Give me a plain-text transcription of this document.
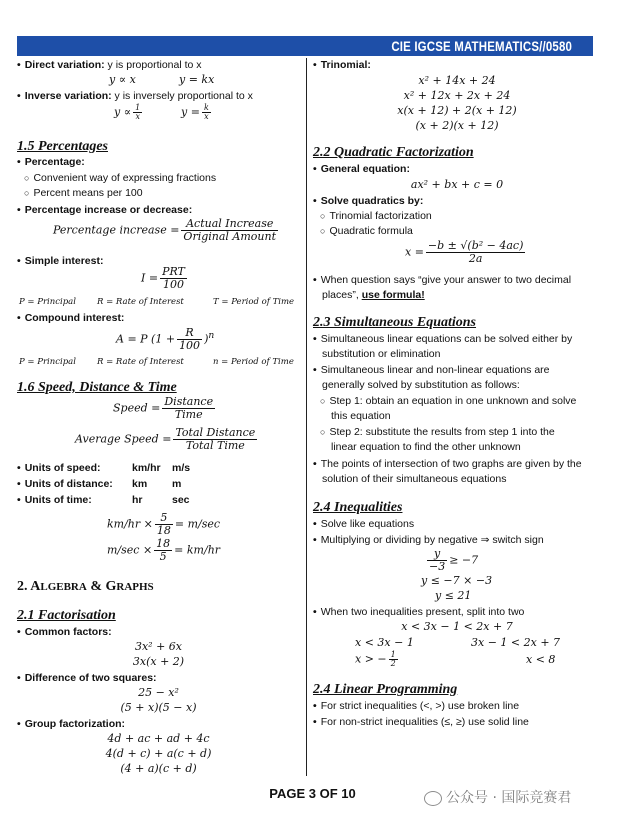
CIE IGCSE MATHEMATICS//0580
• Direct variation: y is proportional to x
y ∝ x	y = kx
• Inverse variation: y is inversely proportional to x
$y \propto \frac{1}{x}$	$y = \frac{k}{x}$
1.5 Percentages
• Percentage:
○ Convenient way of expressing fractions
○ Percent means per 100
• Percentage increase or decrease:
Percentage increase = Actual Increase
Original Amount
• Simple interest:
I = PRT
100
P = Principal R = Rate of Interest	T = Period of Time
• Compound interest:
A = P $(1 + \frac{R}{100} )^n$
P = Principal R = Rate of Interest	n = Period of Time
1.6 Speed, Distance & Time
Speed = Distance
Time
Average Speed = Total Distance
Total Time
• Units of speed:	km/hr	m/s
• Units of distance:	km	m
• Units of time:	hr	sec
$km/hr \times \frac{5}{18} = m/\sec$
$m/\sec \times \frac{18}{5} = km/hr$
2. ALGEBRA & GRAPHS
2.1 Factorisation
• Common factors:
3x² + 6x
3x(x + 2)
• Difference of two squares:
25 − x²
(5 + x)(5 − x)
• Group factorization:
4d + ac + ad + 4c
4(d + c) + a(c + d)
(4 + a)(c + d)
• Trinomial:
x² + 14x + 24
x² + 12x + 2x + 24
x(x + 12) + 2(x + 12)
(x + 2)(x + 12)
2.2 Quadratic Factorization
• General equation:
ax² + bx + c = 0
• Solve quadratics by:
○ Trinomial factorization
○ Quadratic formula
$x = \frac{\text{−b ± √(b² − 4ac)}}{2a}$
• When question says “give your answer to two decimal
places”, use formula!
2.3 Simultaneous Equations
• Simultaneous linear equations can be solved either by
substitution or elimination
• Simultaneous linear and non-linear equations are
generally solved by substitution as follows:
○ Step 1: obtain an equation in one unknown and solve
this equation
○ Step 2: substitute the results from step 1 into the
linear equation to find the other unknown
• The points of intersection of two graphs are given by the
solution of their simultaneous equations
2.4 Inequalities
• Solve like equations
• Multiplying or dividing by negative ⇒ switch sign
$\frac{y}{-3} \ge -7$
y ≤ −7 × −3
y ≤ 21
• When two inequalities present, split into two
x < 3x − 1 < 2x + 7
x < 3x − 1	3x − 1 < 2x + 7
x > − $\frac{1}{2}$	x < 8
2.4 Linear Programming
• For strict inequalities (<, >) use broken line
• For non-strict inequalities (≤, ≥) use solid line
PAGE 3 OF 10	公众号 · 国际竞赛君
